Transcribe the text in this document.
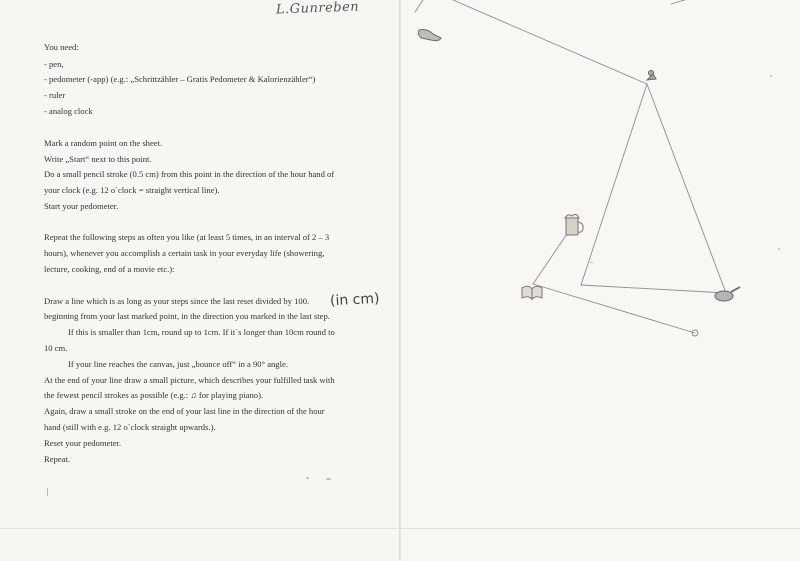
L.Gunreben
You need:
- pen,
- pedometer (-app) (e.g.: „Schrittzähler – Gratis Pedometer & Kalorienzähler“)
- ruler
- analog clock
Mark a random point on the sheet.
Write „Start“ next to this point.
Do a small pencil stroke (0.5 cm) from this point in the direction of the hour hand of
your clock (e.g. 12 o`clock = straight vertical line).
Start your pedometer.
Repeat the following steps as often you like (at least 5 times, in an interval of 2 – 3
hours), whenever you accomplish a certain task in your everyday life (showering,
lecture, cooking, end of a movie etc.):
Draw a line which is as long as your steps since the last reset divided by 100. (in cm)
beginning from your last marked point, in the direction you marked in the last step.
If this is smaller than 1cm, round up to 1cm. If it`s longer than 10cm round to
10 cm.
If your line reaches the canvas, just „bounce off“ in a 90° angle.
At the end of your line draw a small picture, which describes your fulfilled task with
the fewest pencil strokes as possible (e.g.: ♫ for playing piano).
Again, draw a small stroke on the end of your last line in the direction of the hour
hand (still with e.g. 12 o`clock straight upwards.).
Reset your pedometer.
Repeat.
